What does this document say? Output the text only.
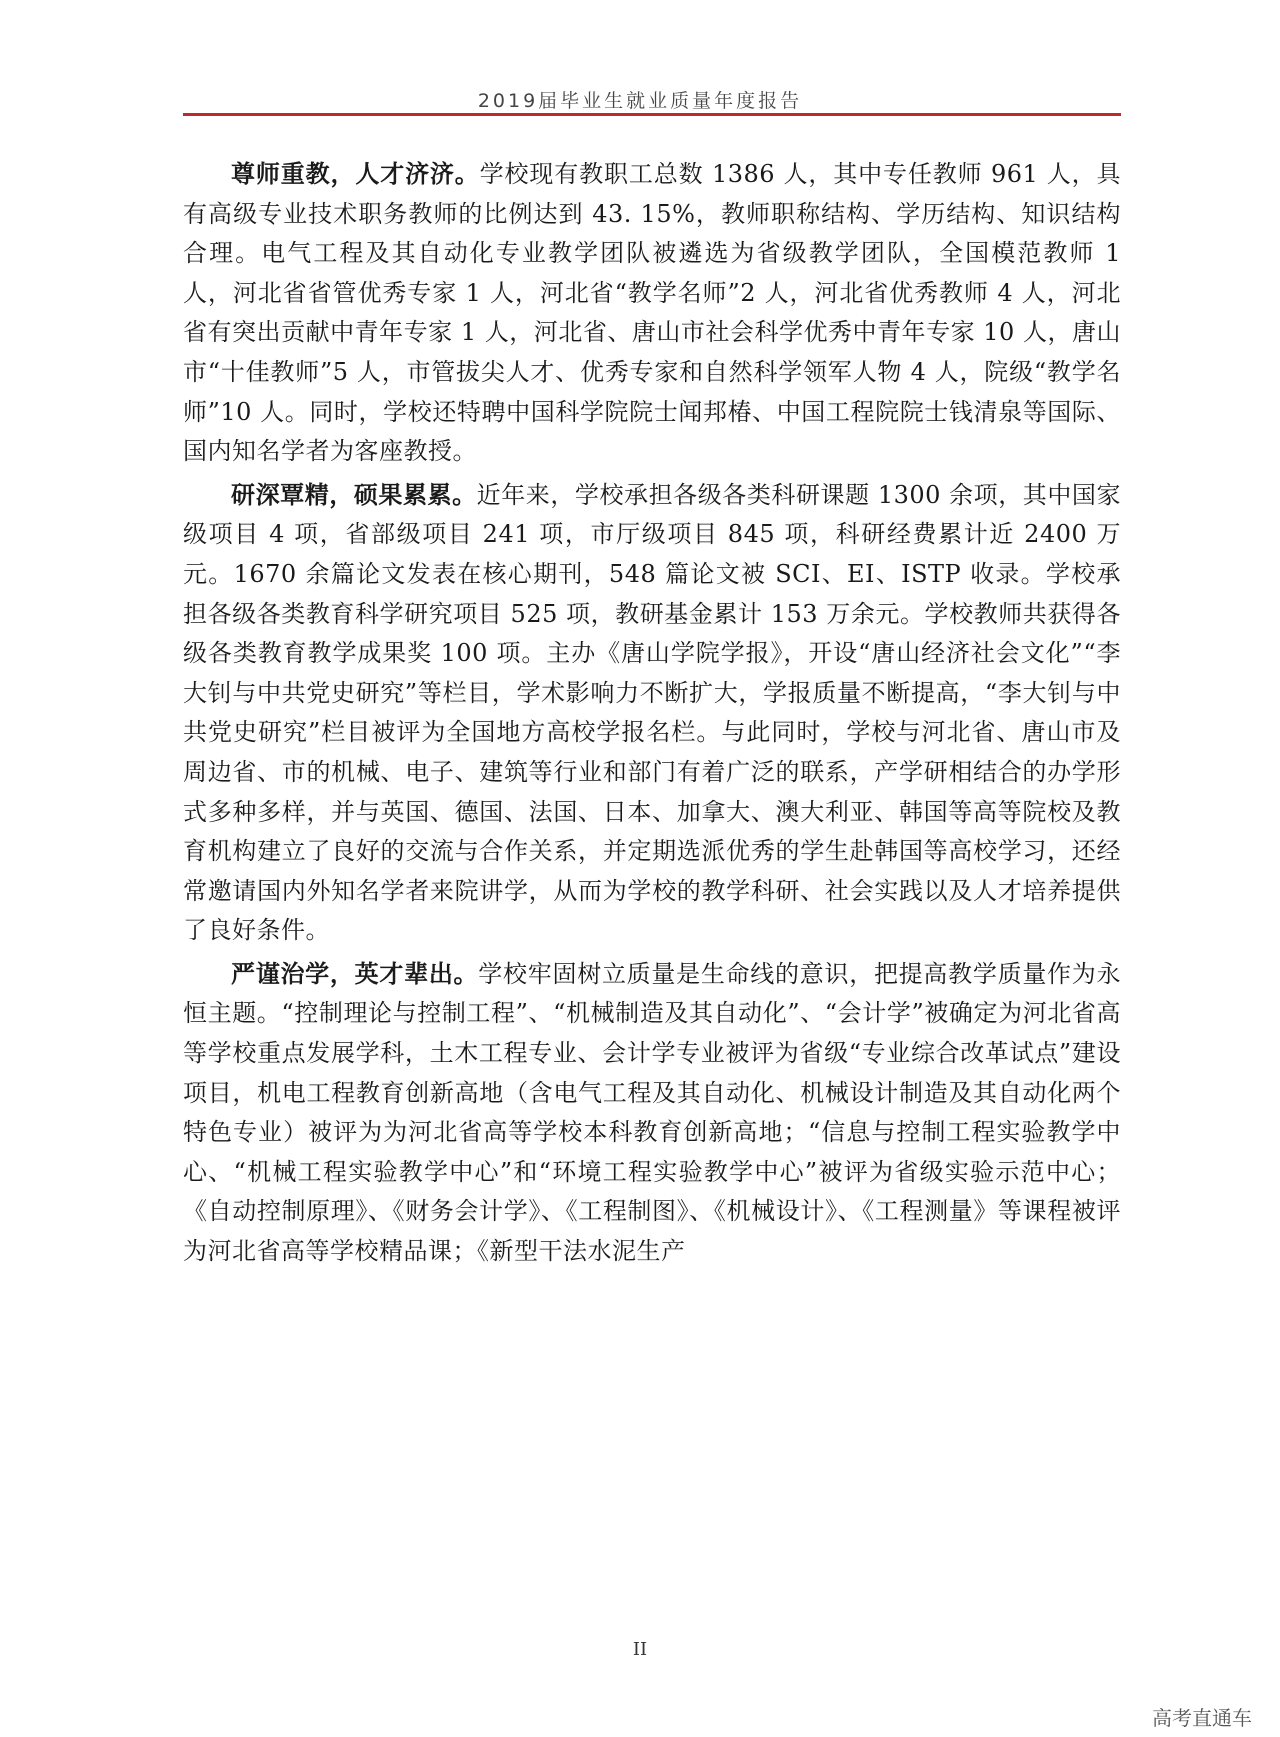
2019届毕业生就业质量年度报告

尊师重教，人才济济。学校现有教职工总数 1386 人，其中专任教师 961 人，具有高级专业技术职务教师的比例达到 43. 15%，教师职称结构、学历结构、知识结构合理。电气工程及其自动化专业教学团队被遴选为省级教学团队，全国模范教师 1 人，河北省省管优秀专家 1 人，河北省“教学名师”2 人，河北省优秀教师 4 人，河北省有突出贡献中青年专家 1 人，河北省、唐山市社会科学优秀中青年专家 10 人，唐山市“十佳教师”5 人，市管拔尖人才、优秀专家和自然科学领军人物 4 人，院级“教学名师”10 人。同时，学校还特聘中国科学院院士闻邦椿、中国工程院院士钱清泉等国际、国内知名学者为客座教授。

研深覃精，硕果累累。近年来，学校承担各级各类科研课题 1300 余项，其中国家级项目 4 项，省部级项目 241 项，市厅级项目 845 项，科研经费累计近 2400 万元。1670 余篇论文发表在核心期刊，548 篇论文被 SCI、EI、ISTP 收录。学校承担各级各类教育科学研究项目 525 项，教研基金累计 153 万余元。学校教师共获得各级各类教育教学成果奖 100 项。主办《唐山学院学报》，开设“唐山经济社会文化”“李大钊与中共党史研究”等栏目，学术影响力不断扩大，学报质量不断提高，“李大钊与中共党史研究”栏目被评为全国地方高校学报名栏。与此同时，学校与河北省、唐山市及周边省、市的机械、电子、建筑等行业和部门有着广泛的联系，产学研相结合的办学形式多种多样，并与英国、德国、法国、日本、加拿大、澳大利亚、韩国等高等院校及教育机构建立了良好的交流与合作关系，并定期选派优秀的学生赴韩国等高校学习，还经常邀请国内外知名学者来院讲学，从而为学校的教学科研、社会实践以及人才培养提供了良好条件。

严谨治学，英才辈出。学校牢固树立质量是生命线的意识，把提高教学质量作为永恒主题。“控制理论与控制工程”、“机械制造及其自动化”、“会计学”被确定为河北省高等学校重点发展学科，土木工程专业、会计学专业被评为省级“专业综合改革试点”建设项目，机电工程教育创新高地（含电气工程及其自动化、机械设计制造及其自动化两个特色专业）被评为为河北省高等学校本科教育创新高地；“信息与控制工程实验教学中心、“机械工程实验教学中心”和“环境工程实验教学中心”被评为省级实验示范中心；《自动控制原理》、《财务会计学》、《工程制图》、《机械设计》、《工程测量》等课程被评为河北省高等学校精品课；《新型干法水泥生产

II
高考直通车
